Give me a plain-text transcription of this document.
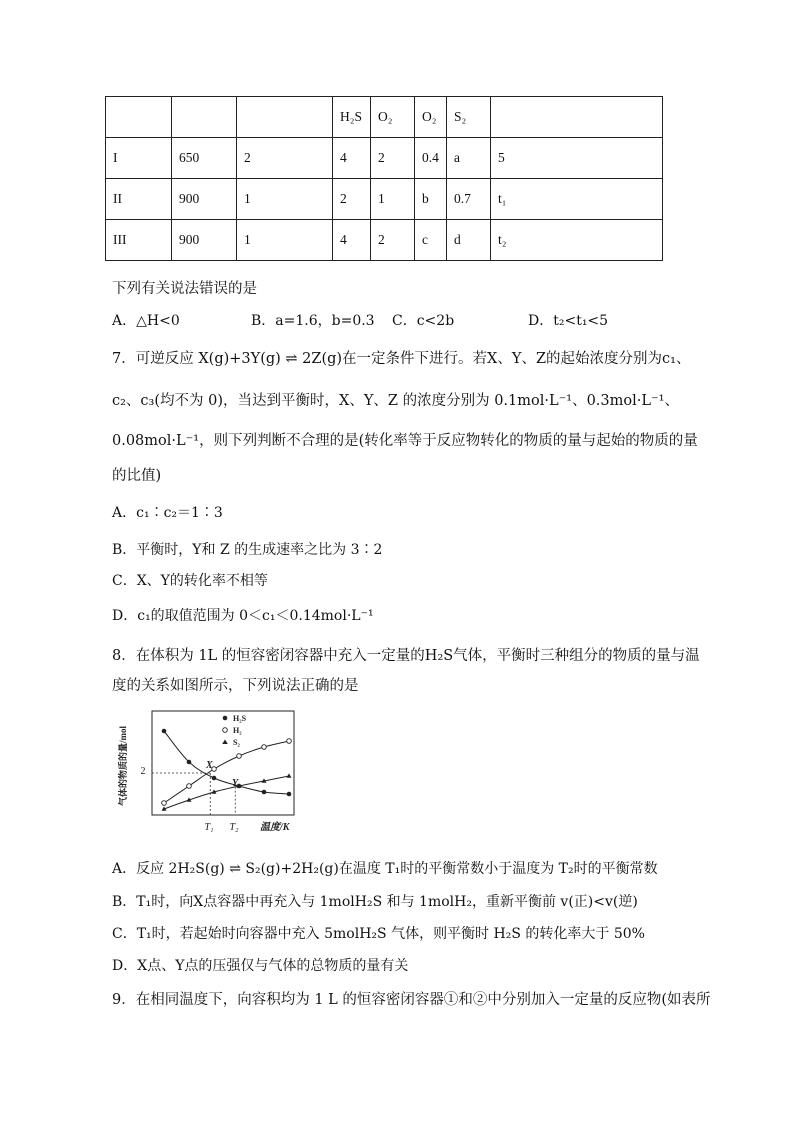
			H₂S	O₂	O₂	S₂	
I	650	2	4	2	0.4	a	5
II	900	1	2	1	b	0.7	t₁
III	900	1	4	2	c	d	t₂
下列有关说法错误的是
A．△H<0	B．a=1.6，b=0.3 C．c<2b	D．t₂<t₁<5
7．可逆反应 X(g)+3Y(g) ⇌ 2Z(g)在一定条件下进行。若X、Y、Z的起始浓度分别为c₁、
c₂、c₃(均不为 0)，当达到平衡时，X、Y、Z 的浓度分别为 0.1mol·L⁻¹、0.3mol·L⁻¹、
0.08mol·L⁻¹，则下列判断不合理的是(转化率等于反应物转化的物质的量与起始的物质的量
的比值)
A．c₁∶c₂＝1∶3
B．平衡时，Y和 Z 的生成速率之比为 3∶2
C．X、Y的转化率不相等
D．c₁的取值范围为 0＜c₁＜0.14mol·L⁻¹
8．在体积为 1L 的恒容密闭容器中充入一定量的H₂S气体，平衡时三种组分的物质的量与温
度的关系如图所示，下列说法正确的是
气体的物质的量/mol
温度/K
2
T₁ T₂
X
Y
H₂S
H₂
S₂
A．反应 2H₂S(g) ⇌ S₂(g)+2H₂(g)在温度 T₁时的平衡常数小于温度为 T₂时的平衡常数
B．T₁时，向X点容器中再充入与 1molH₂S 和与 1molH₂，重新平衡前 v(正)<v(逆)
C．T₁时，若起始时向容器中充入 5molH₂S 气体，则平衡时 H₂S 的转化率大于 50%
D．X点、Y点的压强仅与气体的总物质的量有关
9．在相同温度下，向容积均为 1 L 的恒容密闭容器①和②中分别加入一定量的反应物(如表所
